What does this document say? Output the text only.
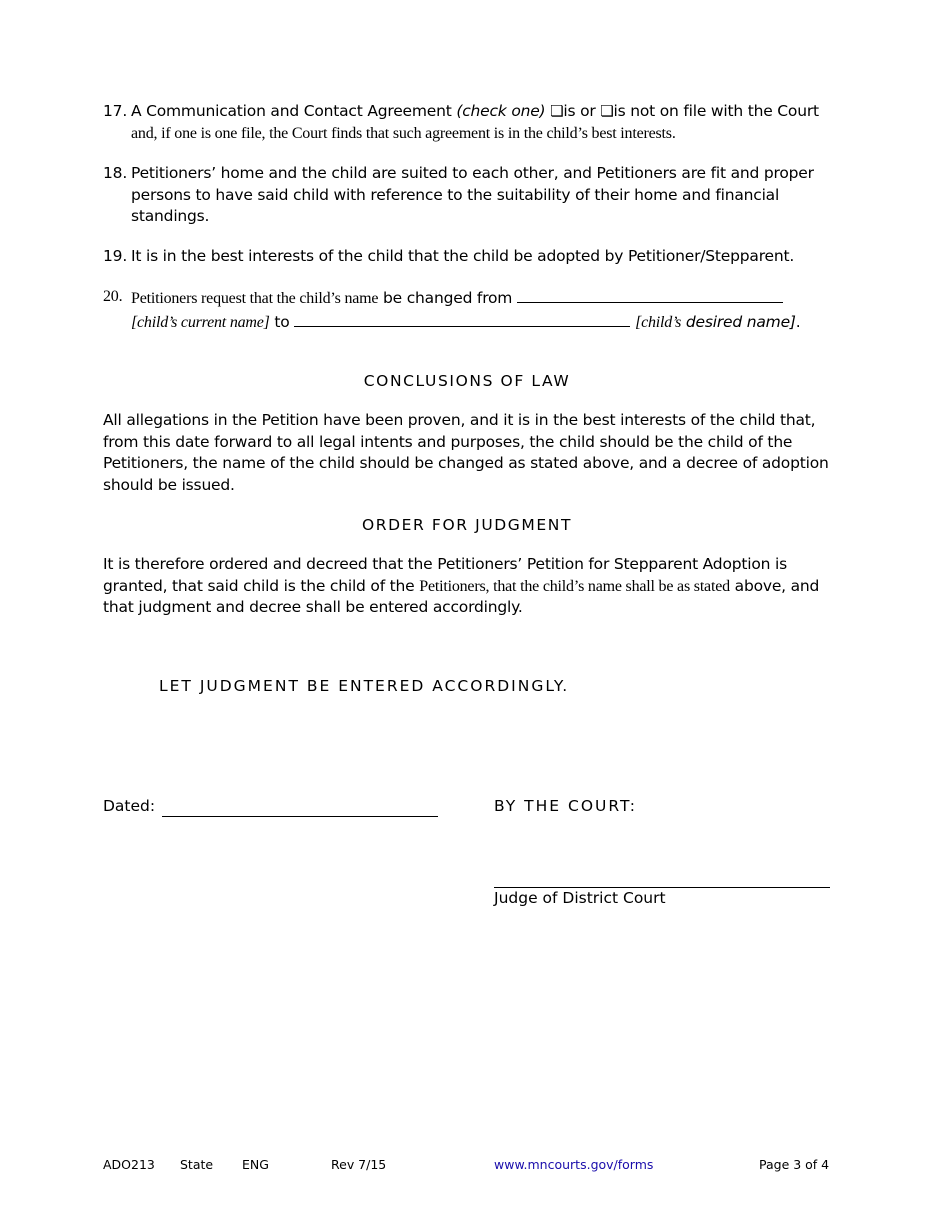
17. A Communication and Contact Agreement (check one) ❏is or ❏is not on file with the Court
and, if one is one file, the Court finds that such agreement is in the child’s best interests.
18. Petitioners’ home and the child are suited to each other, and Petitioners are fit and proper persons to have said child with reference to the suitability of their home and financial standings.
19. It is in the best interests of the child that the child be adopted by Petitioner/Stepparent.
20. Petitioners request that the child’s name be changed from
[child’s current name] to	[child’s desired name].
CONCLUSIONS OF LAW
All allegations in the Petition have been proven, and it is in the best interests of the child that, from this date forward to all legal intents and purposes, the child should be the child of the Petitioners, the name of the child should be changed as stated above, and a decree of adoption should be issued.
ORDER FOR JUDGMENT
It is therefore ordered and decreed that the Petitioners’ Petition for Stepparent Adoption is granted, that said child is the child of the Petitioners, that the child’s name shall be as stated above, and that judgment and decree shall be entered accordingly.
LET JUDGMENT BE ENTERED ACCORDINGLY.
Dated:	BY THE COURT:
Judge of District Court
ADO213 State ENG	Rev 7/15	www.mncourts.gov/forms	Page 3 of 4
